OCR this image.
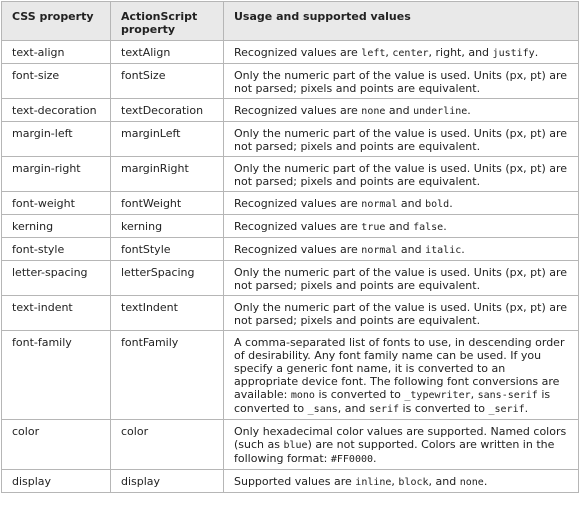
CSS property	ActionScript property	Usage and supported values
text-align	textAlign	Recognized values are left, center, right, and justify.
font-size	fontSize	Only the numeric part of the value is used. Units (px, pt) are not parsed; pixels and points are equivalent.
text-decoration	textDecoration	Recognized values are none and underline.
margin-left	marginLeft	Only the numeric part of the value is used. Units (px, pt) are not parsed; pixels and points are equivalent.
margin-right	marginRight	Only the numeric part of the value is used. Units (px, pt) are not parsed; pixels and points are equivalent.
font-weight	fontWeight	Recognized values are normal and bold.
kerning	kerning	Recognized values are true and false.
font-style	fontStyle	Recognized values are normal and italic.
letter-spacing	letterSpacing	Only the numeric part of the value is used. Units (px, pt) are not parsed; pixels and points are equivalent.
text-indent	textIndent	Only the numeric part of the value is used. Units (px, pt) are not parsed; pixels and points are equivalent.
font-family	fontFamily	A comma-separated list of fonts to use, in descending order of desirability. Any font family name can be used. If you specify a generic font name, it is converted to an appropriate device font. The following font conversions are available: mono is converted to _typewriter, sans-serif is converted to _sans, and serif is converted to _serif.
color	color	Only hexadecimal color values are supported. Named colors (such as blue) are not supported. Colors are written in the following format: #FF0000.
display	display	Supported values are inline, block, and none.
